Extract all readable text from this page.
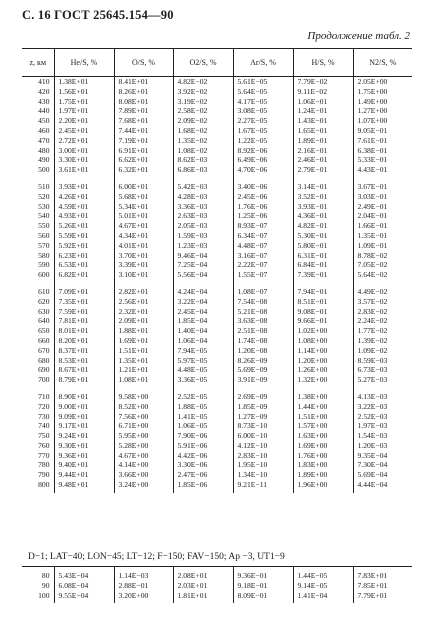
С. 16 ГОСТ 25645.154—90
Продолжение табл. 2
z, км	He/S, %	O/S, %	O2/S, %	Ar/S, %	H/S, %	N2/S, %
410	1.38E+01	8.41E+01	4.82E−02	5.61E−05	7.79E−02	2.05E+00
420	1.56E+01	8.26E+01	3.92E−02	5.64E−05	9.11E−02	1.75E+00
430	1.75E+01	8.08E+01	3.19E−02	4.17E−05	1.06E−01	1.49E+00
440	1.97E+01	7.89E+01	2.58E−02	3.08E−05	1.24E−01	1.27E+00
450	2.20E+01	7.68E+01	2.09E−02	2.27E−05	1.43E−01	1.07E+00
460	2.45E+01	7.44E+01	1.68E−02	1.67E−05	1.65E−01	9.05E−01
470	2.72E+01	7.19E+01	1.35E−02	1.22E−05	1.89E−01	7.61E−01
480	3.00E+01	6.91E+01	1.08E−02	8.92E−06	2.16E−01	6.38E−01
490	3.30E+01	6.62E+01	8.62E−03	6.49E−06	2.46E−01	5.33E−01
500	3.61E+01	6.32E+01	6.86E−03	4.70E−06	2.79E−01	4.43E−01

510	3.93E+01	6.00E+01	5.42E−03	3.40E−06	3.14E−01	3.67E−01
520	4.26E+01	5.68E+01	4.28E−03	2.45E−06	3.52E−01	3.03E−01
530	4.59E+01	5.34E+01	3.36E−03	1.76E−06	3.93E−01	2.49E−01
540	4.93E+01	5.01E+01	2.63E−03	1.25E−06	4.36E−01	2.04E−01
550	5.26E+01	4.67E+01	2.05E−03	8.93E−07	4.82E−01	1.66E−01
560	5.59E+01	4.34E+01	1.59E−03	6.34E−07	5.30E−01	1.35E−01
570	5.92E+01	4.01E+01	1.23E−03	4.48E−07	5.80E−01	1.09E−01
580	6.23E+01	3.70E+01	9.46E−04	3.16E−07	6.31E−01	8.78E−02
590	6.53E+01	3.39E+01	7.25E−04	2.22E−07	6.84E−01	7.05E−02
600	6.82E+01	3.10E+01	5.56E−04	1.55E−07	7.39E−01	5.64E−02

610	7.09E+01	2.82E+01	4.24E−04	1.08E−07	7.94E−01	4.49E−02
620	7.35E+01	2.56E+01	3.22E−04	7.54E−08	8.51E−01	3.57E−02
630	7.59E+01	2.32E+01	2.45E−04	5.21E−08	9.08E−01	2.83E−02
640	7.81E+01	2.09E+01	1.85E−04	3.63E−08	9.66E−01	2.24E−02
650	8.01E+01	1.88E+01	1.40E−04	2.51E−08	1.02E+00	1.77E−02
660	8.20E+01	1.69E+01	1.06E−04	1.74E−08	1.08E+00	1.39E−02
670	8.37E+01	1.51E+01	7.94E−05	1.20E−08	1.14E+00	1.09E−02
680	8.53E+01	1.35E+01	5.97E−05	8.26E−09	1.20E+00	8.59E−03
690	8.67E+01	1.21E+01	4.48E−05	5.69E−09	1.26E+00	6.73E−03
700	8.79E+01	1.08E+01	3.36E−05	3.91E−09	1.32E+00	5.27E−03

710	8.90E+01	9.58E+00	2.52E−05	2.69E−09	1.38E+00	4.13E−03
720	9.00E+01	8.52E+00	1.88E−05	1.85E−09	1.44E+00	3.22E−03
730	9.09E+01	7.56E+00	1.41E−05	1.27E−09	1.51E+00	2.52E−03
740	9.17E+01	6.71E+00	1.06E−05	8.73E−10	1.57E+00	1.97E−03
750	9.24E+01	5.95E+00	7.90E−06	6.00E−10	1.63E+00	1.54E−03
760	9.30E+01	5.28E+00	5.91E−06	4.12E−10	1.69E+00	1.20E−03
770	9.36E+01	4.67E+00	4.42E−06	2.83E−10	1.76E+00	9.35E−04
780	9.40E+01	4.14E+00	3.30E−06	1.95E−10	1.83E+00	7.30E−04
790	9.44E+01	3.66E+00	2.47E−06	1.34E−10	1.89E+00	5.69E−04
800	9.48E+01	3.24E+00	1.85E−06	9.21E−11	1.96E+00	4.44E−04
D−1; LAT−40; LON−45; LT−12; F−150; FAV−150; Ap −3, UT1−9
80	5.43E−04	1.14E−03	2.08E+01	9.36E−01	1.44E−05	7.83E+01
90	6.08E−04	2.88E−01	2.03E+01	9.18E−01	9.14E−05	7.85E+01
100	9.55E−04	3.20E+00	1.81E+01	8.09E−01	1.41E−04	7.79E+01
